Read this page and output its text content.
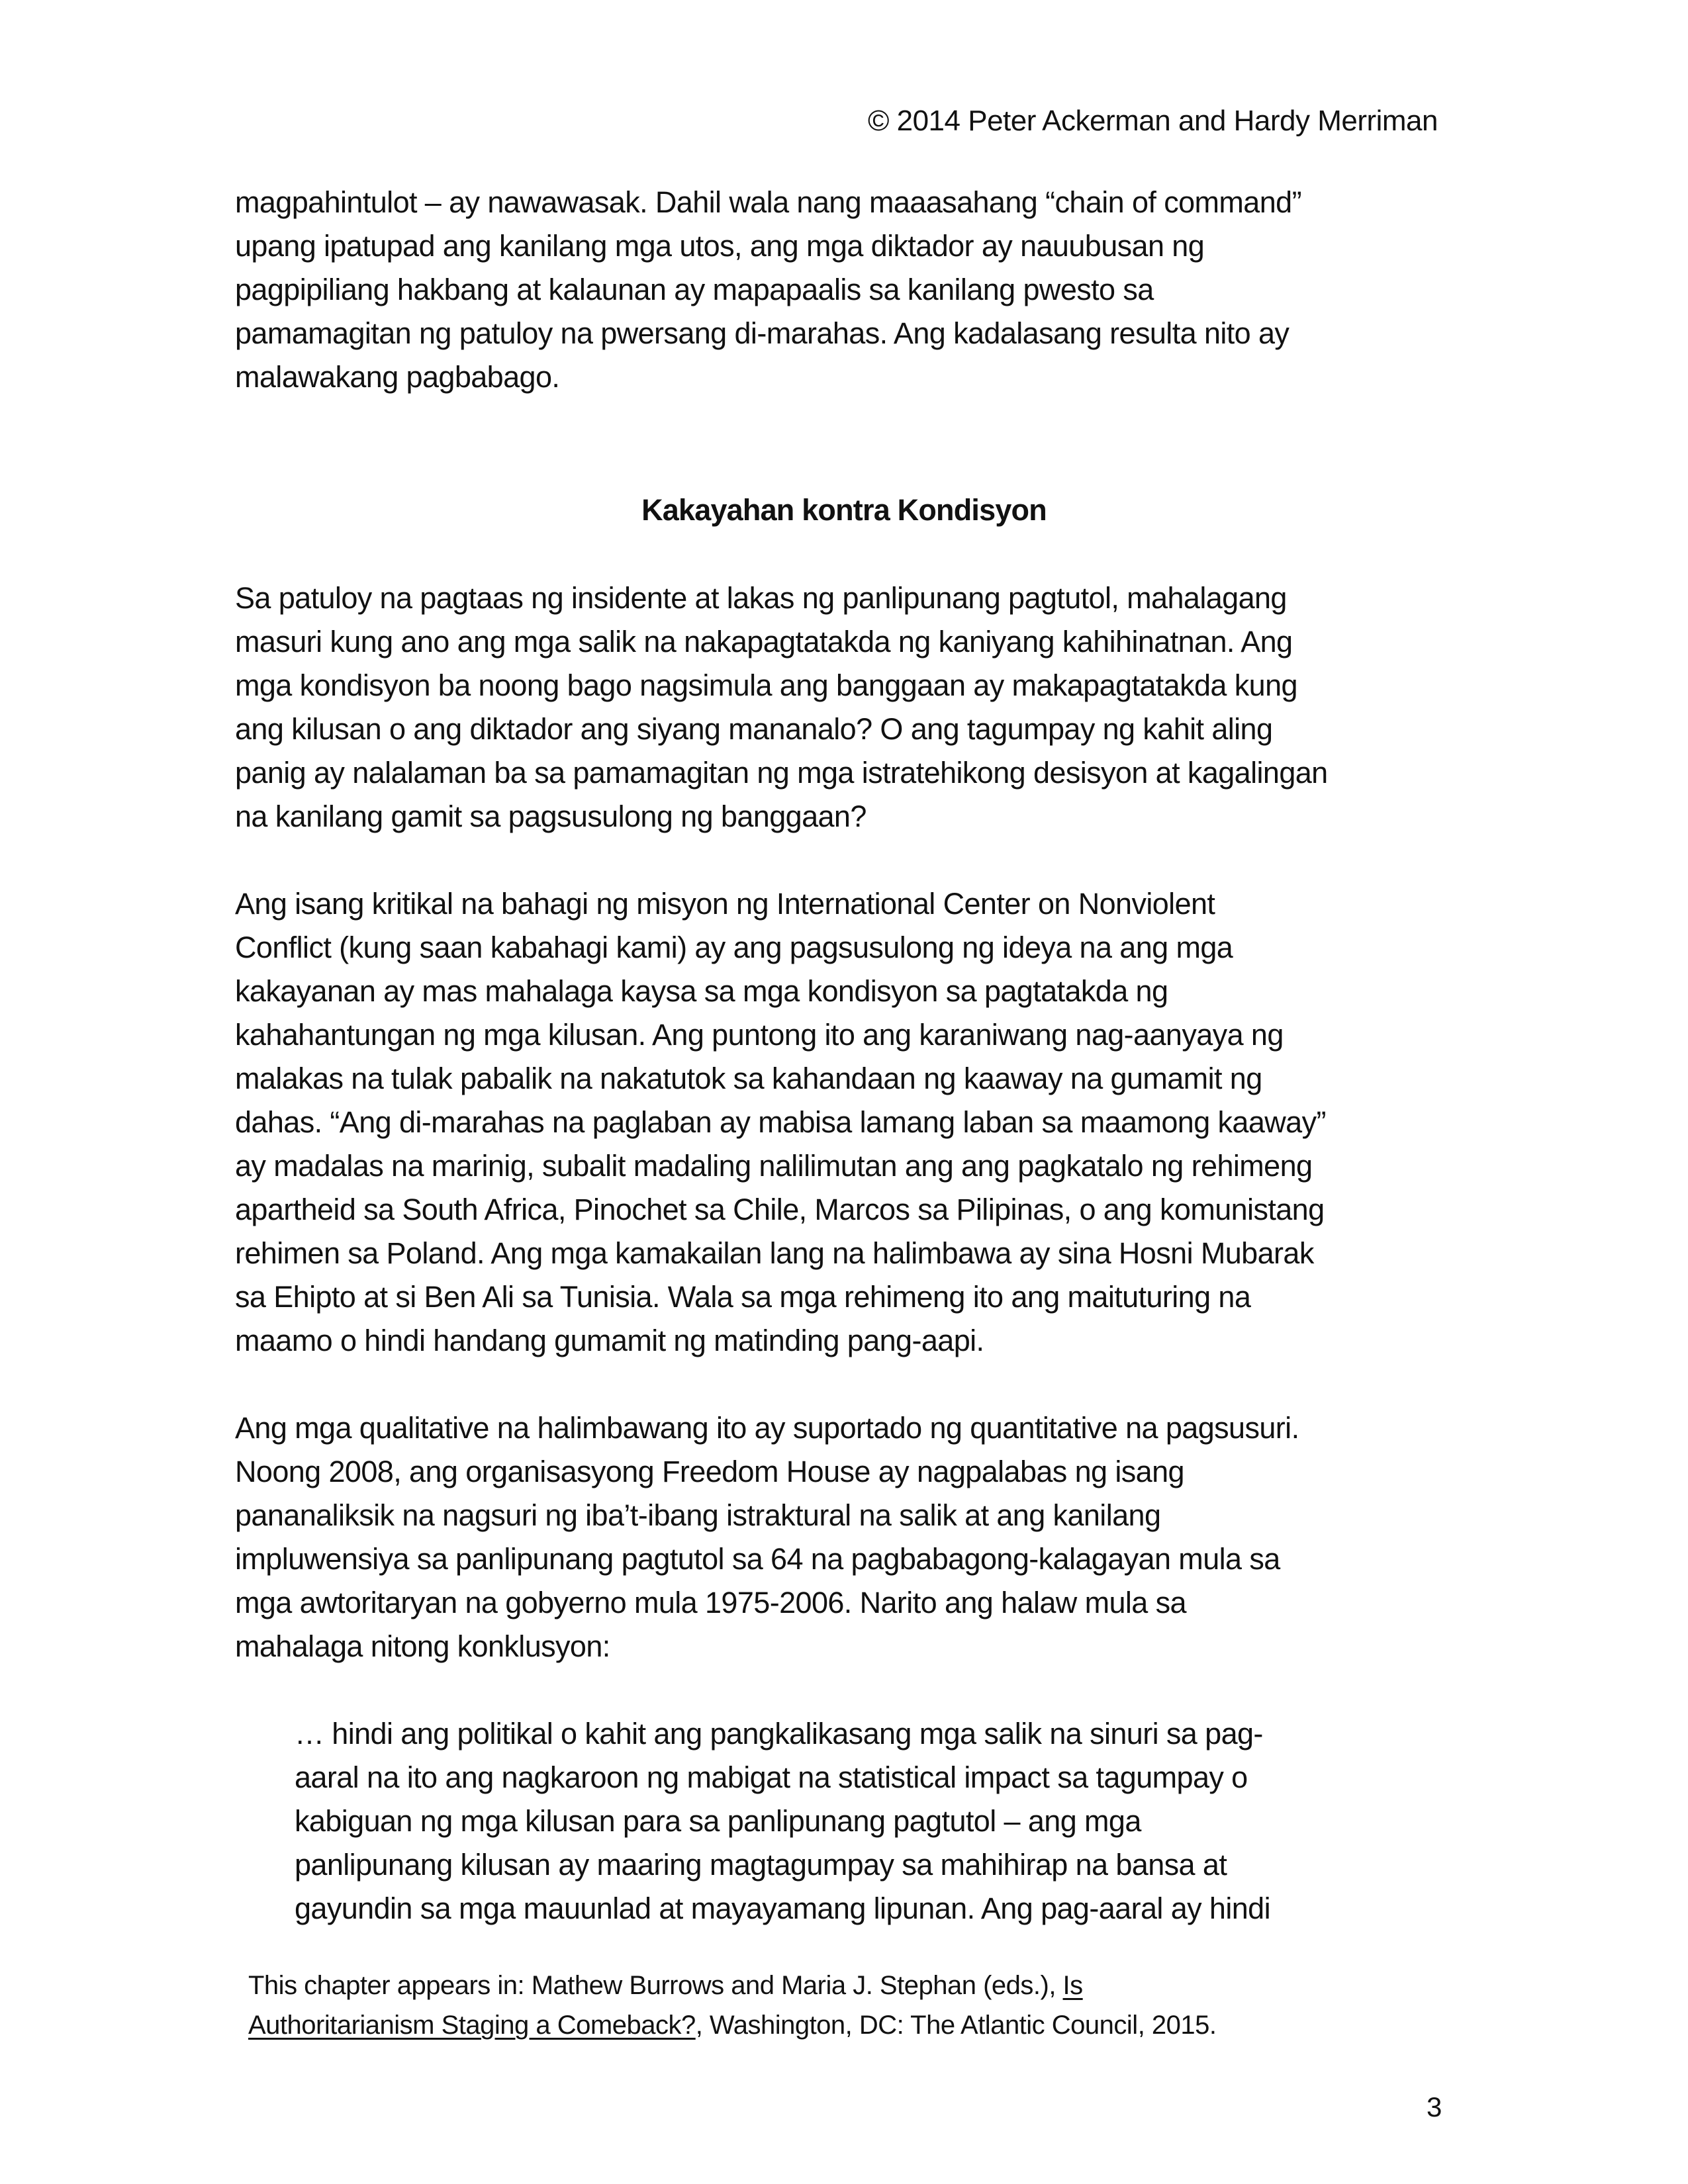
© 2014 Peter Ackerman and Hardy Merriman
magpahintulot – ay nawawasak. Dahil wala nang maaasahang “chain of command”
upang ipatupad ang kanilang mga utos, ang mga diktador ay nauubusan ng
pagpipiliang hakbang at kalaunan ay mapapaalis sa kanilang pwesto sa
pamamagitan ng patuloy na pwersang di-marahas. Ang kadalasang resulta nito ay
malawakang pagbabago.
Kakayahan kontra Kondisyon
Sa patuloy na pagtaas ng insidente at lakas ng panlipunang pagtutol, mahalagang
masuri kung ano ang mga salik na nakapagtatakda ng kaniyang kahihinatnan. Ang
mga kondisyon ba noong bago nagsimula ang banggaan ay makapagtatakda kung
ang kilusan o ang diktador ang siyang mananalo? O ang tagumpay ng kahit aling
panig ay nalalaman ba sa pamamagitan ng mga istratehikong desisyon at kagalingan
na kanilang gamit sa pagsusulong ng banggaan?
Ang isang kritikal na bahagi ng misyon ng International Center on Nonviolent
Conflict (kung saan kabahagi kami) ay ang pagsusulong ng ideya na ang mga
kakayanan ay mas mahalaga kaysa sa mga kondisyon sa pagtatakda ng
kahahantungan ng mga kilusan. Ang puntong ito ang karaniwang nag-aanyaya ng
malakas na tulak pabalik na nakatutok sa kahandaan ng kaaway na gumamit ng
dahas. “Ang di-marahas na paglaban ay mabisa lamang laban sa maamong kaaway”
ay madalas na marinig, subalit madaling nalilimutan ang ang pagkatalo ng rehimeng
apartheid sa South Africa, Pinochet sa Chile, Marcos sa Pilipinas, o ang komunistang
rehimen sa Poland. Ang mga kamakailan lang na halimbawa ay sina Hosni Mubarak
sa Ehipto at si Ben Ali sa Tunisia. Wala sa mga rehimeng ito ang maituturing na
maamo o hindi handang gumamit ng matinding pang-aapi.
Ang mga qualitative na halimbawang ito ay suportado ng quantitative na pagsusuri.
Noong 2008, ang organisasyong Freedom House ay nagpalabas ng isang
pananaliksik na nagsuri ng iba’t-ibang istraktural na salik at ang kanilang
impluwensiya sa panlipunang pagtutol sa 64 na pagbabagong-kalagayan mula sa
mga awtoritaryan na gobyerno mula 1975-2006. Narito ang halaw mula sa
mahalaga nitong konklusyon:
… hindi ang politikal o kahit ang pangkalikasang mga salik na sinuri sa pag-
aaral na ito ang nagkaroon ng mabigat na statistical impact sa tagumpay o
kabiguan ng mga kilusan para sa panlipunang pagtutol – ang mga
panlipunang kilusan ay maaring magtagumpay sa mahihirap na bansa at
gayundin sa mga mauunlad at mayayamang lipunan. Ang pag-aaral ay hindi
This chapter appears in: Mathew Burrows and Maria J. Stephan (eds.), Is
Authoritarianism Staging a Comeback?, Washington, DC: The Atlantic Council, 2015.
3
